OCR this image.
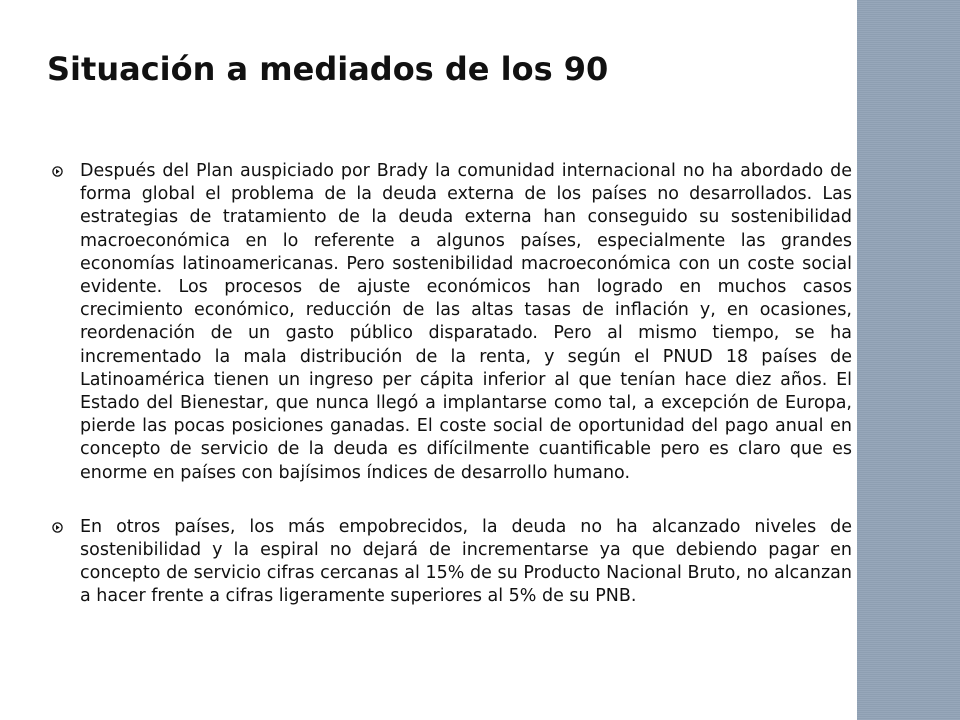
Situación a mediados de los 90
Después del Plan auspiciado por Brady la comunidad internacional no ha abordado de forma global el problema de la deuda externa de los países no desarrollados. Las estrategias de tratamiento de la deuda externa han conseguido su sostenibilidad macroeconómica en lo referente a algunos países, especialmente las grandes economías latinoamericanas. Pero sostenibilidad macroeconómica con un coste social evidente. Los procesos de ajuste económicos han logrado en muchos casos crecimiento económico, reducción de las altas tasas de inflación y, en ocasiones, reordenación de un gasto público disparatado. Pero al mismo tiempo, se ha incrementado la mala distribución de la renta, y según el PNUD 18 países de Latinoamérica tienen un ingreso per cápita inferior al que tenían hace diez años. El Estado del Bienestar, que nunca llegó a implantarse como tal, a excepción de Europa, pierde las pocas posiciones ganadas. El coste social de oportunidad del pago anual en concepto de servicio de la deuda es difícilmente cuantificable pero es claro que es enorme en países con bajísimos índices de desarrollo humano.
En otros países, los más empobrecidos, la deuda no ha alcanzado niveles de sostenibilidad y la espiral no dejará de incrementarse ya que debiendo pagar en concepto de servicio cifras cercanas al 15% de su Producto Nacional Bruto, no alcanzan a hacer frente a cifras ligeramente superiores al 5% de su PNB.
